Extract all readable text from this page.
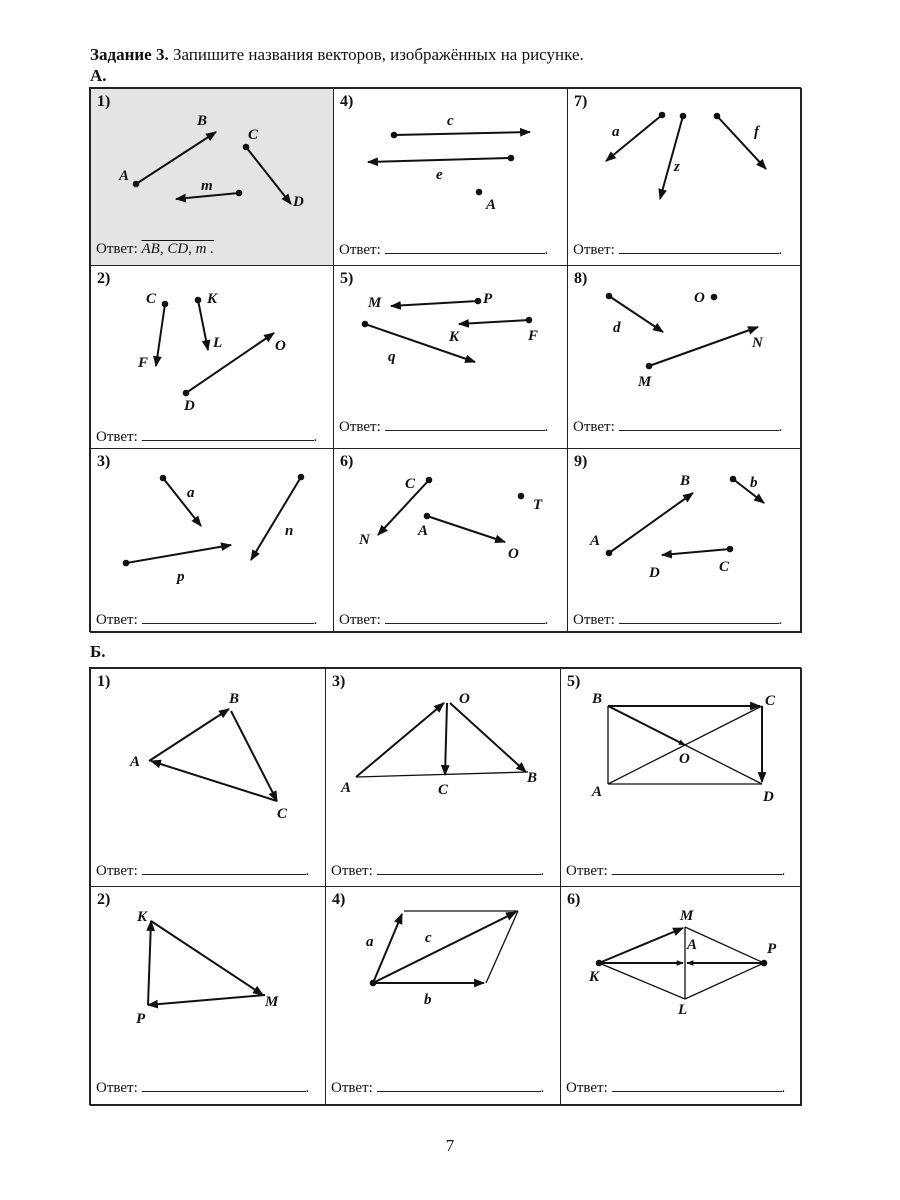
Задание 3. Запишите названия векторов, изображённых на рисунке.
А.
1)
A
B
C
D
m
Ответ: AB, CD, m .
2)
C
F
K
L	O
D
Ответ:	.
3)
a
n
p
Ответ:	.
4)
c
e
A
Ответ:	.
5)
M	P
K	F
q
Ответ:	.
6)
C
T
N
A
O
Ответ:	.
7)
a	f
z
Ответ:	.
8)
O
d
N
M
Ответ:	.
9)
B	b
A
D	C
Ответ:	.
Б.
1)
B
A
C
Ответ:	.
2)
K
P
M
Ответ:	.
3)
O
A	C
B
Ответ:	.
4)
a	c
b
Ответ:	.
5)
B	C
O
A	D
Ответ:	.
6)
M
A	P
K
L
Ответ:	.
7
